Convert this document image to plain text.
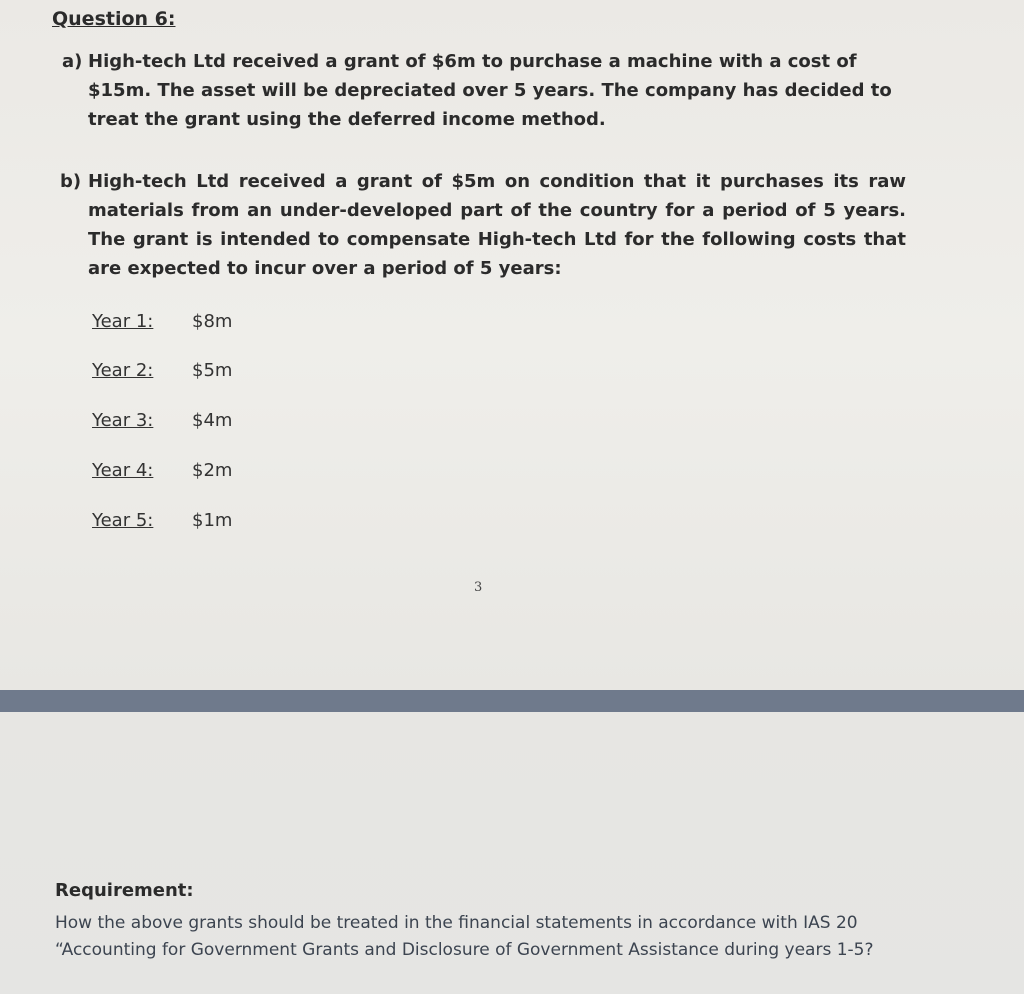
Question 6:
a) High-tech Ltd received a grant of $6m to purchase a machine with a cost of $15m. The asset will be depreciated over 5 years. The company has decided to treat the grant using the deferred income method.

b) High-tech Ltd received a grant of $5m on condition that it purchases its raw materials from an under-developed part of the country for a period of 5 years. The grant is intended to compensate High-tech Ltd for the following costs that are expected to incur over a period of 5 years:

Year 1: $8m
Year 2: $5m
Year 3: $4m
Year 4: $2m
Year 5: $1m
3
Requirement:

How the above grants should be treated in the financial statements in accordance with IAS 20 “Accounting for Government Grants and Disclosure of Government Assistance during years 1-5?
